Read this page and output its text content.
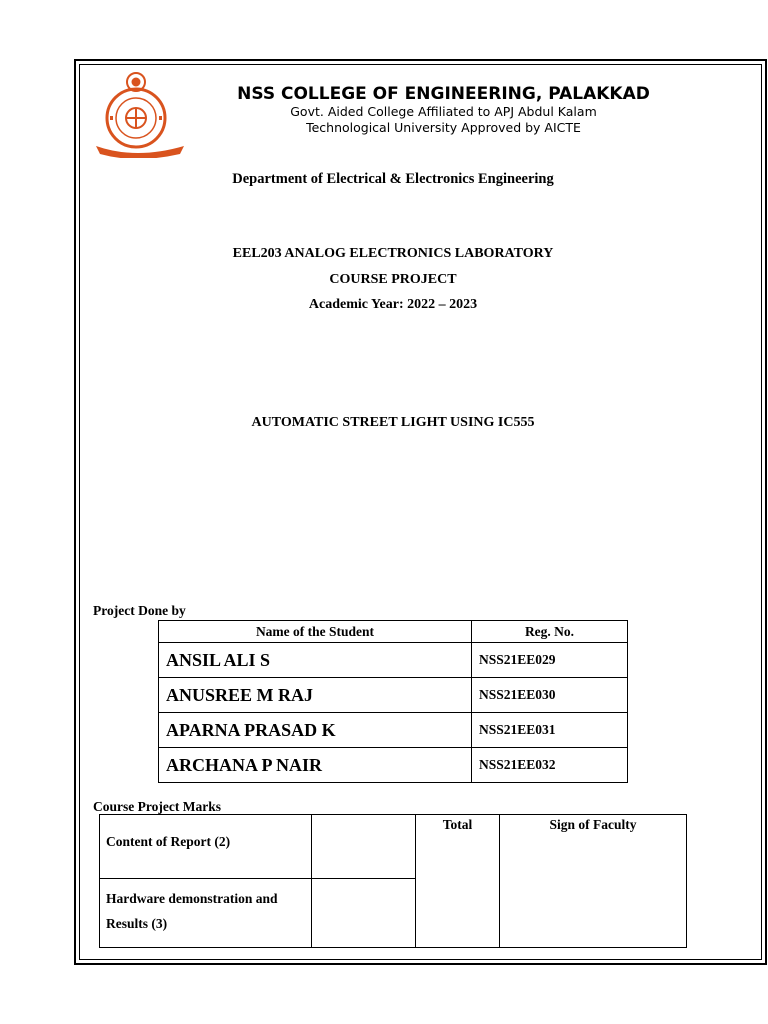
NSS COLLEGE OF ENGINEERING, PALAKKAD
Govt. Aided College Affiliated to APJ Abdul Kalam
Technological University Approved by AICTE
Department of Electrical & Electronics Engineering
EEL203 ANALOG ELECTRONICS LABORATORY
COURSE PROJECT
Academic Year: 2022 – 2023
AUTOMATIC STREET LIGHT USING IC555
Project Done by
Name of the Student	Reg. No.
ANSIL ALI S	NSS21EE029
ANUSREE M RAJ	NSS21EE030
APARNA PRASAD K	NSS21EE031
ARCHANA P NAIR	NSS21EE032
Course Project Marks
Content of Report (2)		Total	Sign of Faculty
Hardware demonstration and Results (3)			
